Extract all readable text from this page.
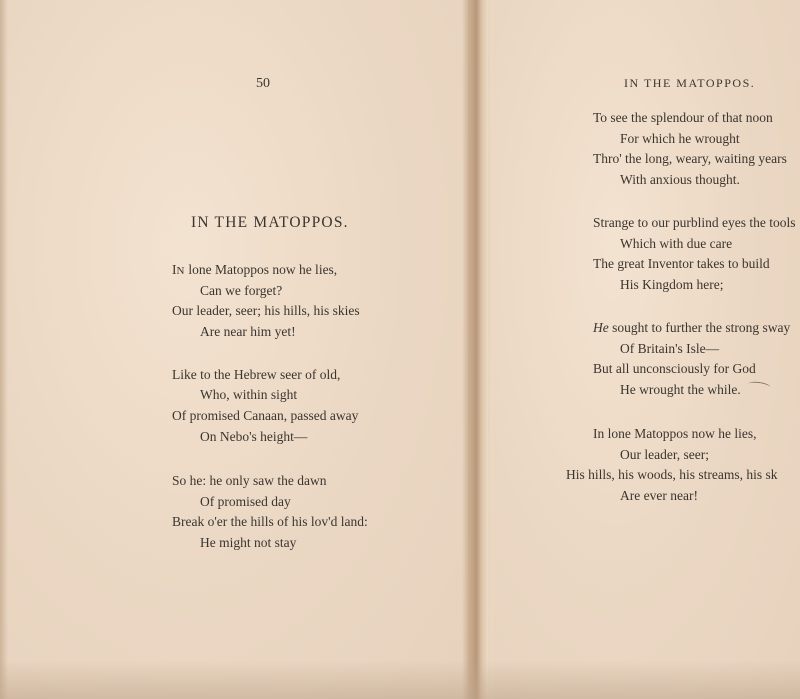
50
IN THE MATOPPOS.
IN lone Matoppos now he lies,
Can we forget?
Our leader, seer; his hills, his skies
Are near him yet!
Like to the Hebrew seer of old,
Who, within sight
Of promised Canaan, passed away
On Nebo's height—
So he: he only saw the dawn
Of promised day
Break o'er the hills of his lov'd land:
He might not stay
IN THE MATOPPOS.
To see the splendour of that noon
For which he wrought
Thro' the long, weary, waiting years
With anxious thought.
Strange to our purblind eyes the tools
Which with due care
The great Inventor takes to build
His Kingdom here;
He sought to further the strong sway
Of Britain's Isle—
But all unconsciously for God
He wrought the while.
In lone Matoppos now he lies,
Our leader, seer;
His hills, his woods, his streams, his sk
Are ever near!
